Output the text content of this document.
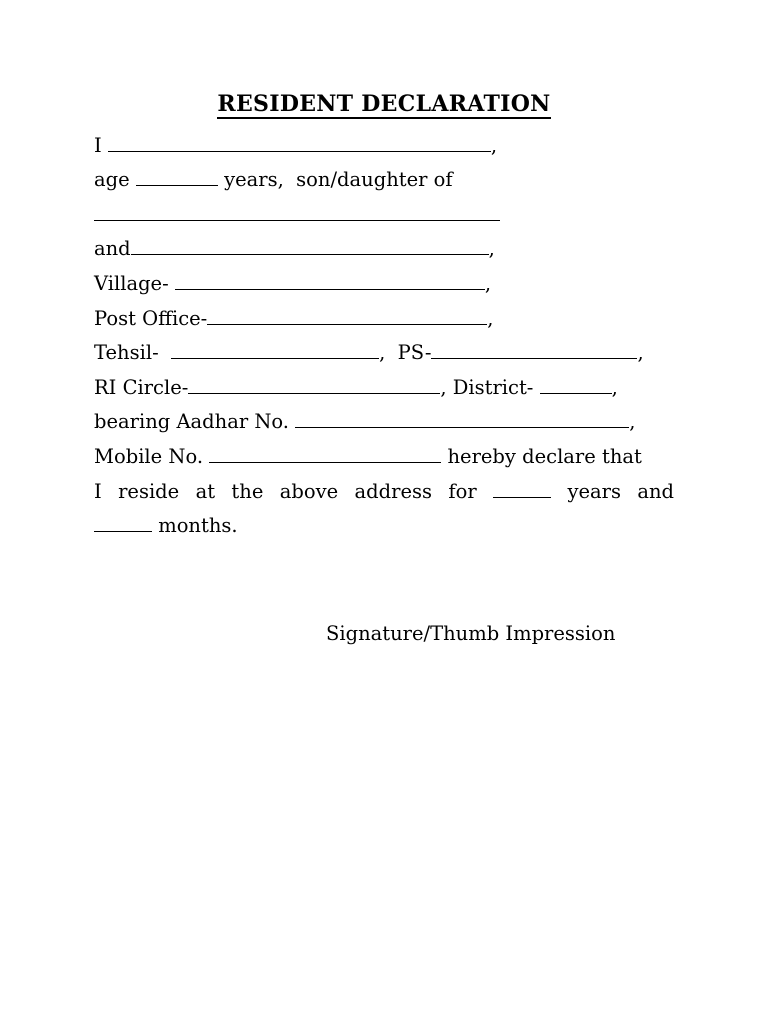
RESIDENT DECLARATION
I	,
age	years,  son/daughter of
and	,
Village-	,
Post Office-	,
Tehsil-	,  PS-	,
RI Circle-	, District-	,
bearing Aadhar No.	,
Mobile No.	hereby declare that
I reside at the above address for	years and
months.
Signature/Thumb Impression
